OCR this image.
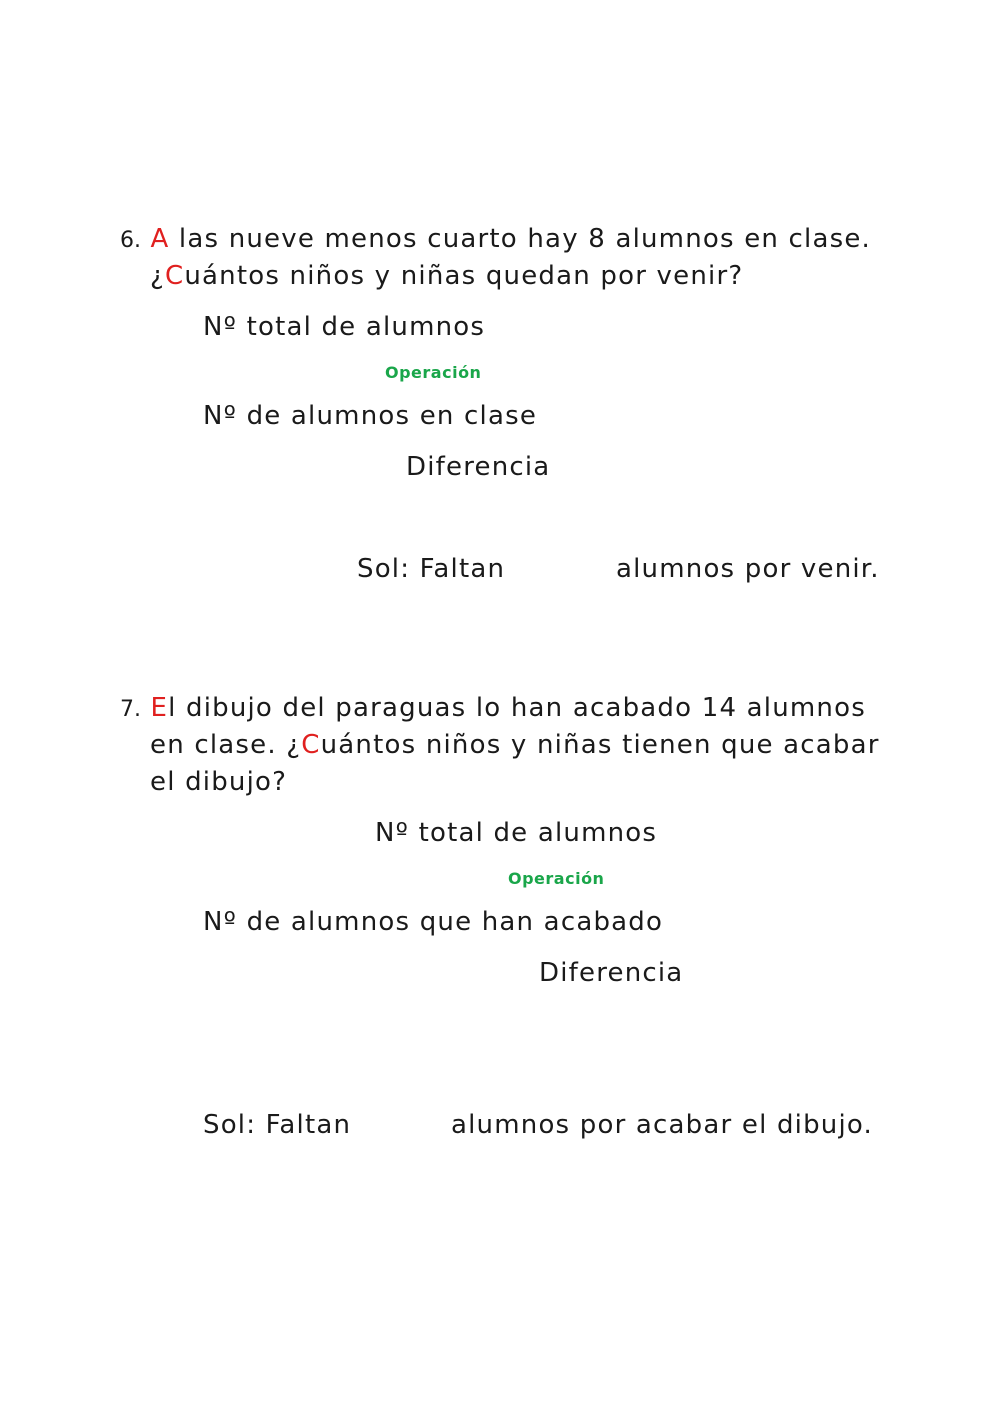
6. A las nueve menos cuarto hay 8 alumnos en clase.
¿Cuántos niños y niñas quedan por venir?
Nº total de alumnos
Operación
Nº de alumnos en clase
Diferencia
Sol: Faltan	alumnos por venir.
7. El dibujo del paraguas lo han acabado 14 alumnos
en clase. ¿Cuántos niños y niñas tienen que acabar
el dibujo?
Nº total de alumnos
Operación
Nº de alumnos que han acabado
Diferencia
Sol: Faltan	alumnos por acabar el dibujo.
